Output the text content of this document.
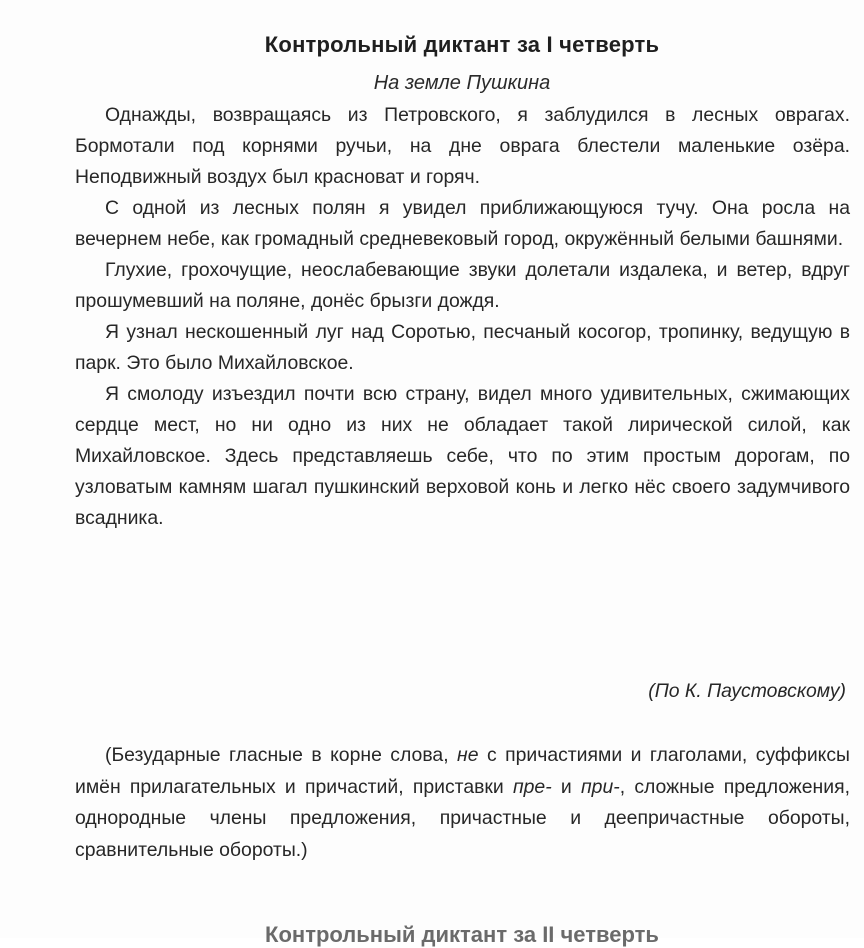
Контрольный диктант за I четверть
На земле Пушкина

Однажды, возвращаясь из Петровского, я заблудился в лесных оврагах. Бормотали под корнями ручьи, на дне оврага блестели маленькие озёра. Неподвижный воздух был красноват и горяч.

С одной из лесных полян я увидел приближающуюся тучу. Она росла на вечернем небе, как громадный средневековый город, окружённый белыми башнями.

Глухие, грохочущие, неослабевающие звуки долетали издалека, и ветер, вдруг прошумевший на поляне, донёс брызги дождя.

Я узнал нескошенный луг над Соротью, песчаный косогор, тропинку, ведущую в парк. Это было Михайловское.

Я смолоду изъездил почти всю страну, видел много удивительных, сжимающих сердце мест, но ни одно из них не обладает такой лирической силой, как Михайловское. Здесь представляешь себе, что по этим простым дорогам, по узловатым камням шагал пушкинский верховой конь и легко нёс своего задумчивого всадника.

(По К. Паустовскому)

(Безударные гласные в корне слова, не с причастиями и глаголами, суффиксы имён прилагательных и причастий, приставки пре- и при-, сложные предложения, однородные члены предложения, причастные и деепричастные обороты, сравнительные обороты.)

Контрольный диктант за II четверть
